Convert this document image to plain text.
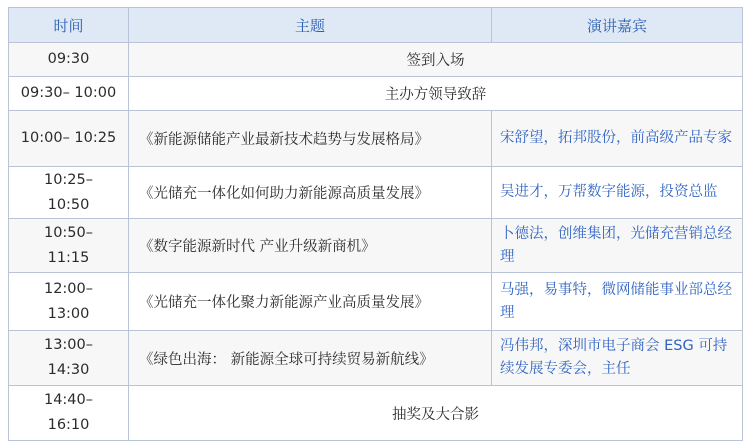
时间	主题	演讲嘉宾

09:30	签到入场	

09:30– 10:00	主办方领导致辞	

10:00– 10:25	《新能源储能产业最新技术趋势与发展格局》	宋舒望，拓邦股份，前高级产品专家

10:25–
10:50	《光储充一体化如何助力新能源高质量发展》	吴进才，万帮数字能源，投资总监

10:50–
11:15	《数字能源新时代 产业升级新商机》	卜德法，创维集团，光储充营销总经理

12:00–
13:00	《光储充一体化聚力新能源产业高质量发展》	马强，易事特，微网储能事业部总经理

13:00–
14:30	《绿色出海： 新能源全球可持续贸易新航线》	冯伟邦，深圳市电子商会 ESG 可持续发展专委会，主任

14:40–
16:10	抽奖及大合影	
